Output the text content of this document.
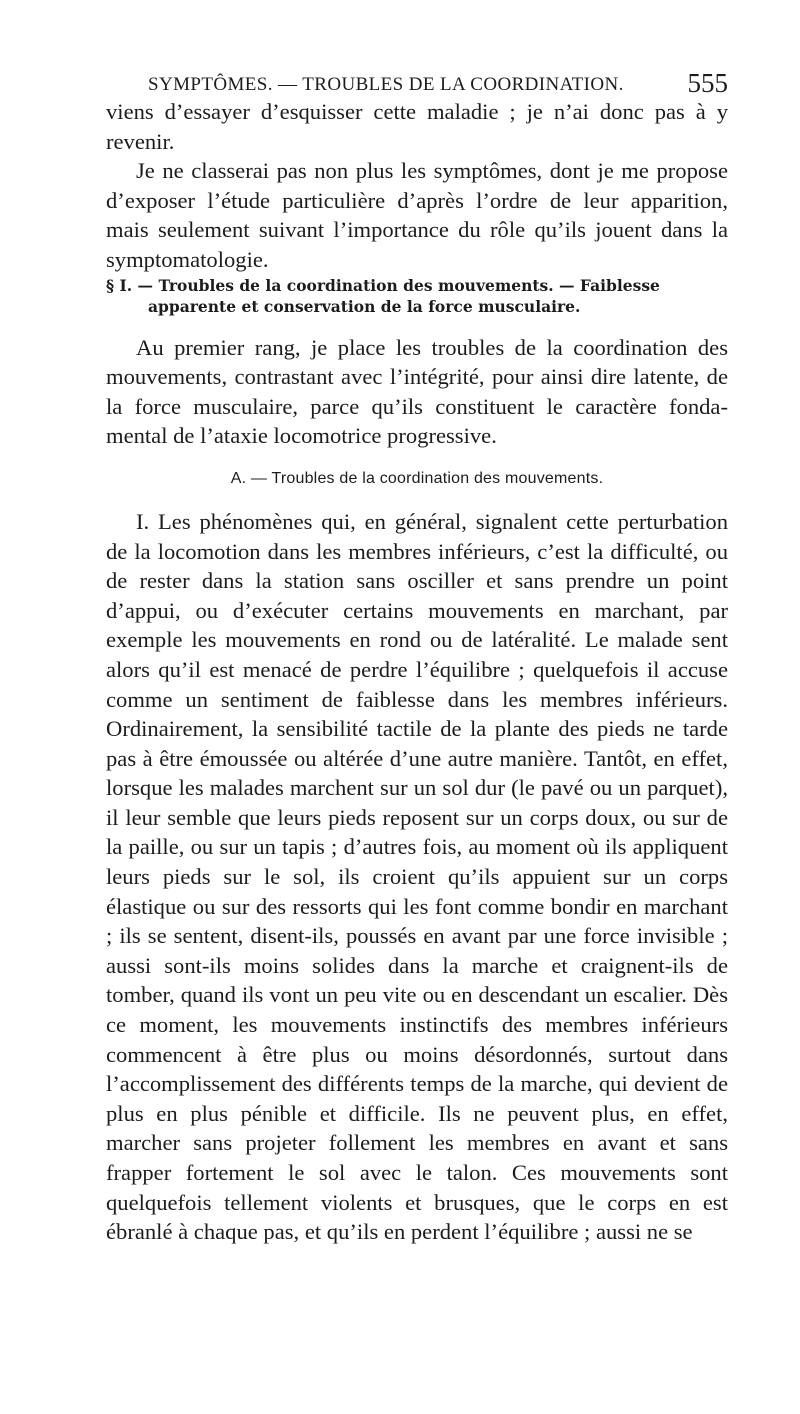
SYMPTÔMES. — TROUBLES DE LA COORDINATION. 555

viens d’essayer d’esquisser cette maladie ; je n’ai donc pas à y revenir.

Je ne classerai pas non plus les symptômes, dont je me propose d’exposer l’étude particulière d’après l’ordre de leur apparition, mais seulement suivant l’importance du rôle qu’ils jouent dans la symptomatologie.

§ I. — Troubles de la coordination des mouvements. — Faiblesse apparente et conservation de la force musculaire.

Au premier rang, je place les troubles de la coordination des mouvements, contrastant avec l’intégrité, pour ainsi dire latente, de la force musculaire, parce qu’ils constituent le caractère fondamental de l’ataxie locomotrice progressive.

A. — Troubles de la coordination des mouvements.

I. Les phénomènes qui, en général, signalent cette perturbation de la locomotion dans les membres inférieurs, c’est la difficulté, ou de rester dans la station sans osciller et sans prendre un point d’appui, ou d’exécuter certains mouvements en marchant, par exemple les mouvements en rond ou de latéralité. Le malade sent alors qu’il est menacé de perdre l’équilibre ; quelquefois il accuse comme un sentiment de faiblesse dans les membres inférieurs. Ordinairement, la sensibilité tactile de la plante des pieds ne tarde pas à être émoussée ou altérée d’une autre manière. Tantôt, en effet, lorsque les malades marchent sur un sol dur (le pavé ou un parquet), il leur semble que leurs pieds reposent sur un corps doux, ou sur de la paille, ou sur un tapis ; d’autres fois, au moment où ils appliquent leurs pieds sur le sol, ils croient qu’ils appuient sur un corps élastique ou sur des ressorts qui les font comme bondir en marchant ; ils se sentent, disent-ils, poussés en avant par une force invisible ; aussi sont-ils moins solides dans la marche et craignent-ils de tomber, quand ils vont un peu vite ou en descendant un escalier. Dès ce moment, les mouvements instinctifs des membres inférieurs commencent à être plus ou moins désordonnés, surtout dans l’accomplissement des différents temps de la marche, qui devient de plus en plus pénible et difficile. Ils ne peuvent plus, en effet, marcher sans projeter follement les membres en avant et sans frapper fortement le sol avec le talon. Ces mouvements sont quelquefois tellement violents et brusques, que le corps en est ébranlé à chaque pas, et qu’ils en perdent l’équilibre ; aussi ne se
